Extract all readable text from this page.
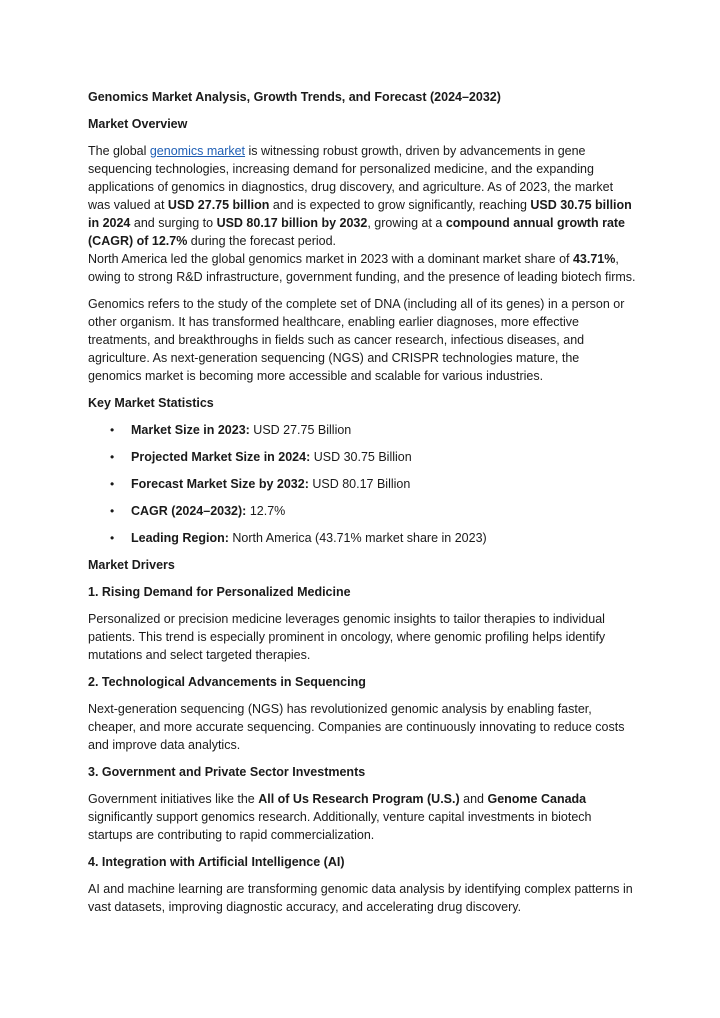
Genomics Market Analysis, Growth Trends, and Forecast (2024–2032)
Market Overview

The global genomics market is witnessing robust growth, driven by advancements in gene sequencing technologies, increasing demand for personalized medicine, and the expanding applications of genomics in diagnostics, drug discovery, and agriculture. As of 2023, the market was valued at USD 27.75 billion and is expected to grow significantly, reaching USD 30.75 billion in 2024 and surging to USD 80.17 billion by 2032, growing at a compound annual growth rate (CAGR) of 12.7% during the forecast period.
North America led the global genomics market in 2023 with a dominant market share of 43.71%, owing to strong R&D infrastructure, government funding, and the presence of leading biotech firms.

Genomics refers to the study of the complete set of DNA (including all of its genes) in a person or other organism. It has transformed healthcare, enabling earlier diagnoses, more effective treatments, and breakthroughs in fields such as cancer research, infectious diseases, and agriculture. As next-generation sequencing (NGS) and CRISPR technologies mature, the genomics market is becoming more accessible and scalable for various industries.

Key Market Statistics
• Market Size in 2023: USD 27.75 Billion
• Projected Market Size in 2024: USD 30.75 Billion
• Forecast Market Size by 2032: USD 80.17 Billion
• CAGR (2024–2032): 12.7%
• Leading Region: North America (43.71% market share in 2023)
Market Drivers
1. Rising Demand for Personalized Medicine

Personalized or precision medicine leverages genomic insights to tailor therapies to individual patients. This trend is especially prominent in oncology, where genomic profiling helps identify mutations and select targeted therapies.

2. Technological Advancements in Sequencing

Next-generation sequencing (NGS) has revolutionized genomic analysis by enabling faster, cheaper, and more accurate sequencing. Companies are continuously innovating to reduce costs and improve data analytics.

3. Government and Private Sector Investments

Government initiatives like the All of Us Research Program (U.S.) and Genome Canada significantly support genomics research. Additionally, venture capital investments in biotech startups are contributing to rapid commercialization.

4. Integration with Artificial Intelligence (AI)

AI and machine learning are transforming genomic data analysis by identifying complex patterns in vast datasets, improving diagnostic accuracy, and accelerating drug discovery.
